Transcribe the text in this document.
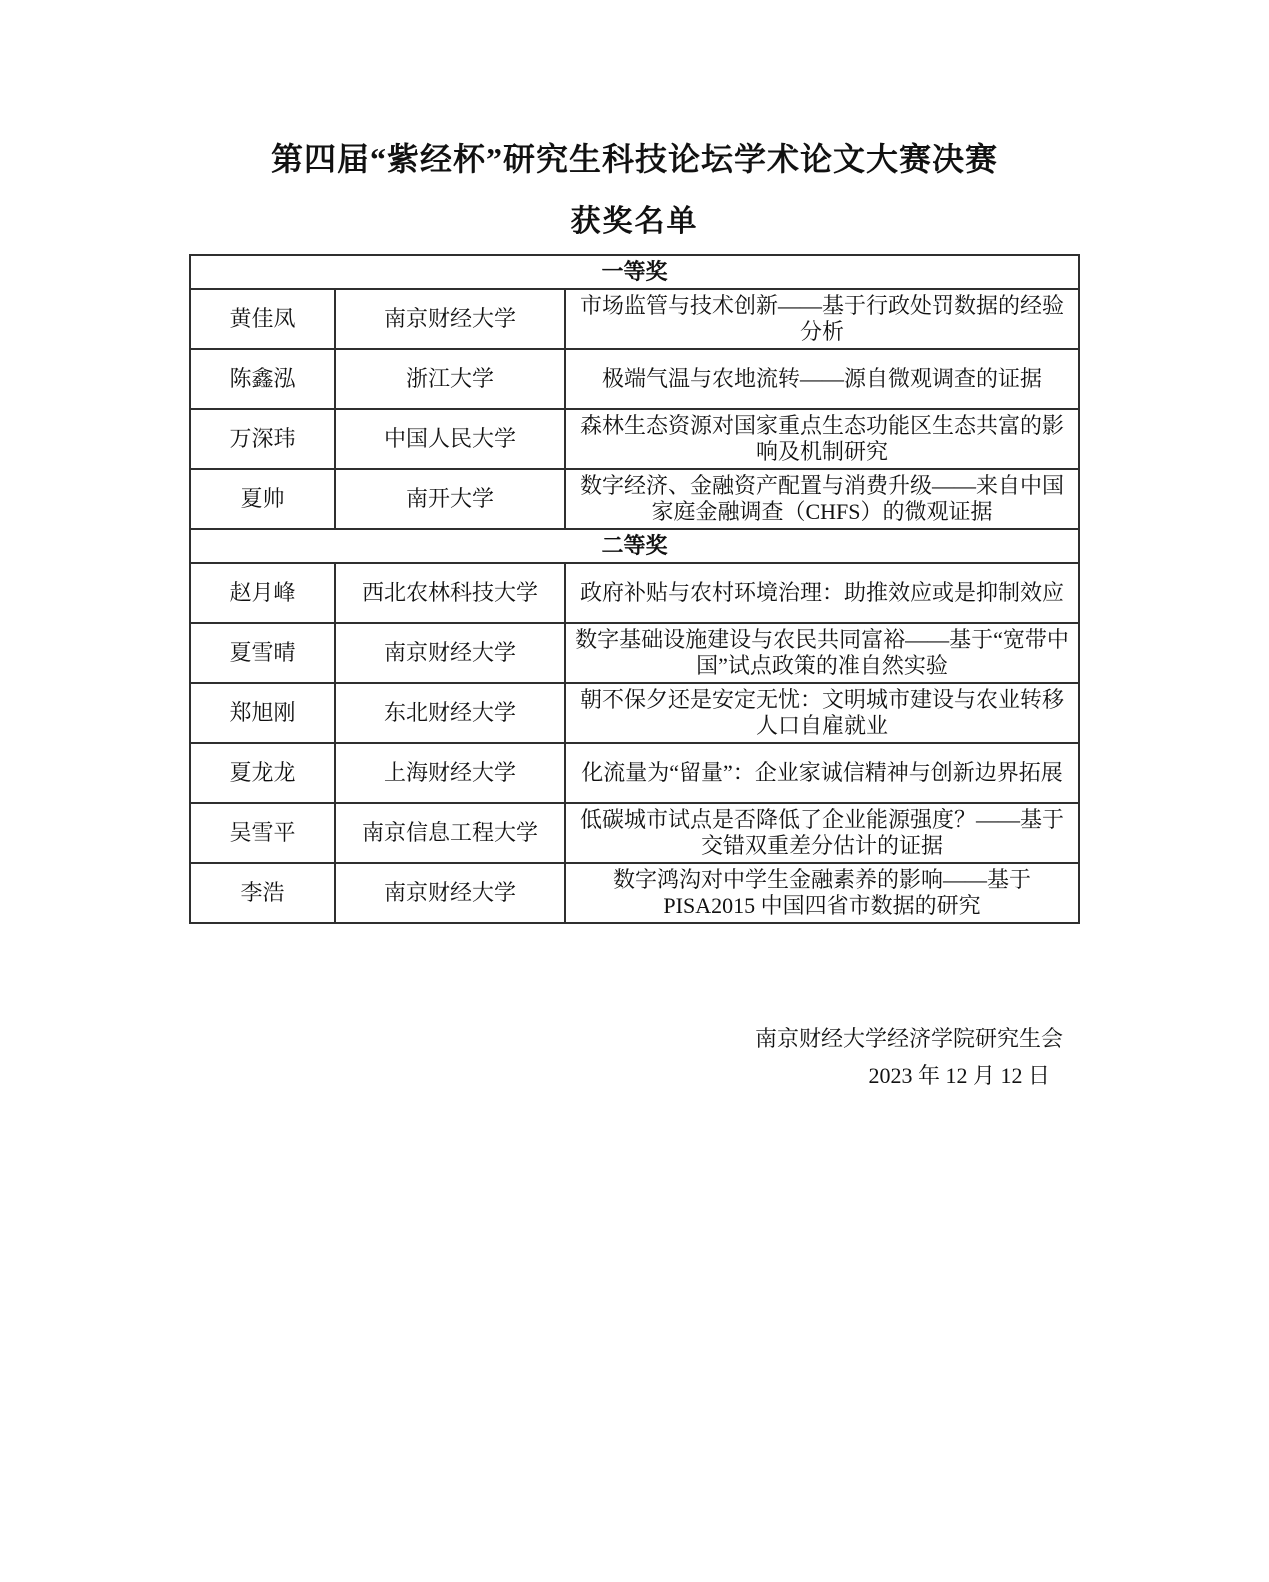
第四届“紫经杯”研究生科技论坛学术论文大赛决赛
获奖名单
一等奖		
黄佳凤	南京财经大学	市场监管与技术创新——基于行政处罚数据的经验分析
陈鑫泓	浙江大学	极端气温与农地流转——源自微观调查的证据
万深玮	中国人民大学	森林生态资源对国家重点生态功能区生态共富的影响及机制研究
夏帅	南开大学	数字经济、金融资产配置与消费升级——来自中国家庭金融调查（CHFS）的微观证据
二等奖		
赵月峰	西北农林科技大学	政府补贴与农村环境治理：助推效应或是抑制效应
夏雪晴	南京财经大学	数字基础设施建设与农民共同富裕——基于“宽带中国”试点政策的准自然实验
郑旭刚	东北财经大学	朝不保夕还是安定无忧：文明城市建设与农业转移人口自雇就业
夏龙龙	上海财经大学	化流量为“留量”：企业家诚信精神与创新边界拓展
吴雪平	南京信息工程大学	低碳城市试点是否降低了企业能源强度？——基于交错双重差分估计的证据
李浩	南京财经大学	数字鸿沟对中学生金融素养的影响——基于PISA2015 中国四省市数据的研究
南京财经大学经济学院研究生会
2023 年 12 月 12 日
